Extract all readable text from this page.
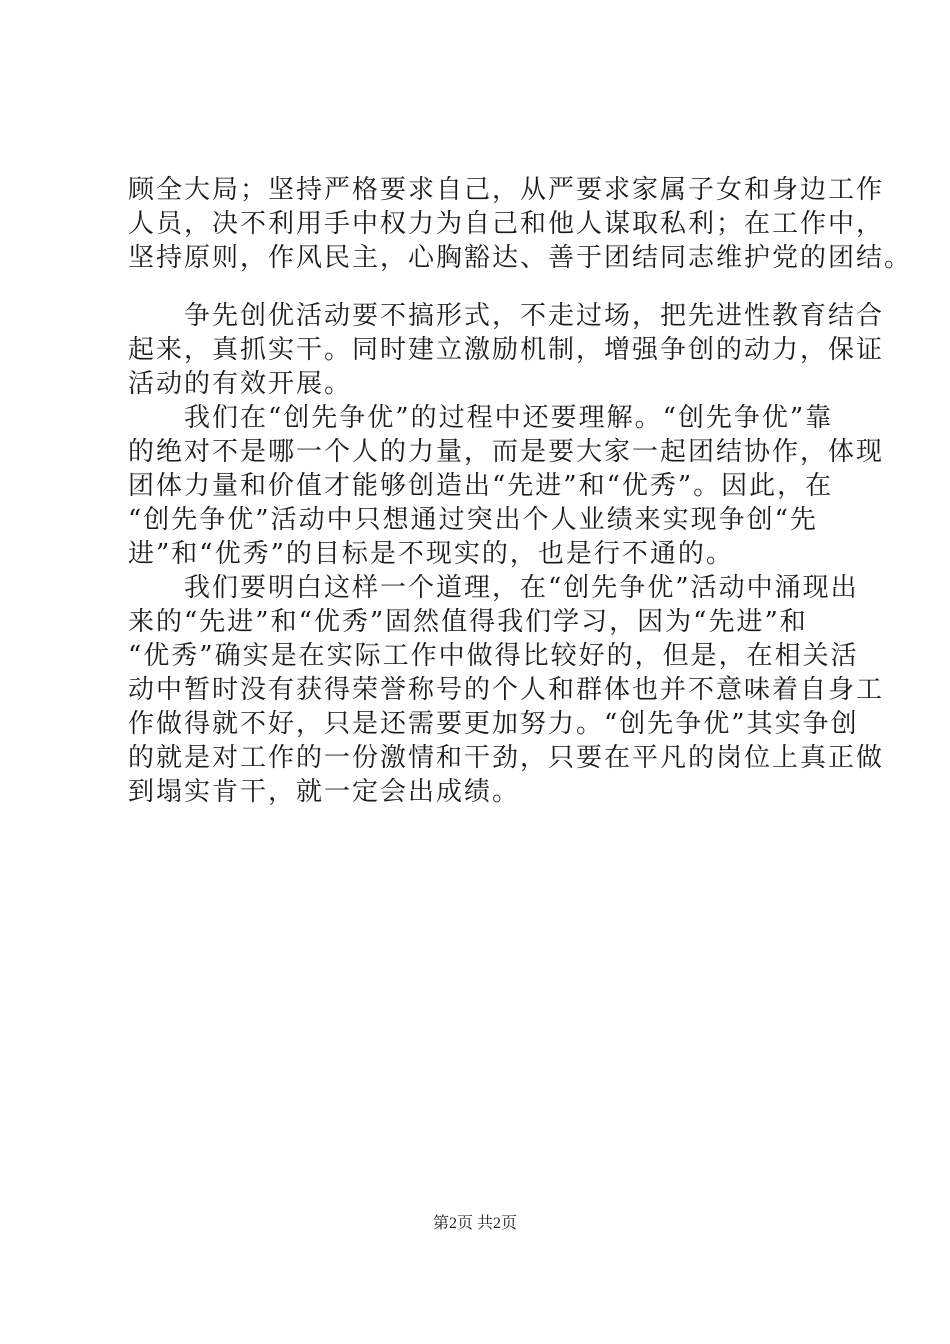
顾全大局；坚持严格要求自己，从严要求家属子女和身边工作
人员，决不利用手中权力为自己和他人谋取私利；在工作中，
坚持原则，作风民主，心胸豁达、善于团结同志维护党的团结。
　　争先创优活动要不搞形式，不走过场，把先进性教育结合
起来，真抓实干。同时建立激励机制，增强争创的动力，保证
活动的有效开展。
　　我们在“创先争优”的过程中还要理解。“创先争优”靠
的绝对不是哪一个人的力量，而是要大家一起团结协作，体现
团体力量和价值才能够创造出“先进”和“优秀”。因此，在
“创先争优”活动中只想通过突出个人业绩来实现争创“先
进”和“优秀”的目标是不现实的，也是行不通的。
　　我们要明白这样一个道理，在“创先争优”活动中涌现出
来的“先进”和“优秀”固然值得我们学习，因为“先进”和
“优秀”确实是在实际工作中做得比较好的，但是，在相关活
动中暂时没有获得荣誉称号的个人和群体也并不意味着自身工
作做得就不好，只是还需要更加努力。“创先争优”其实争创
的就是对工作的一份激情和干劲，只要在平凡的岗位上真正做
到塌实肯干，就一定会出成绩。
第2页 共2页
